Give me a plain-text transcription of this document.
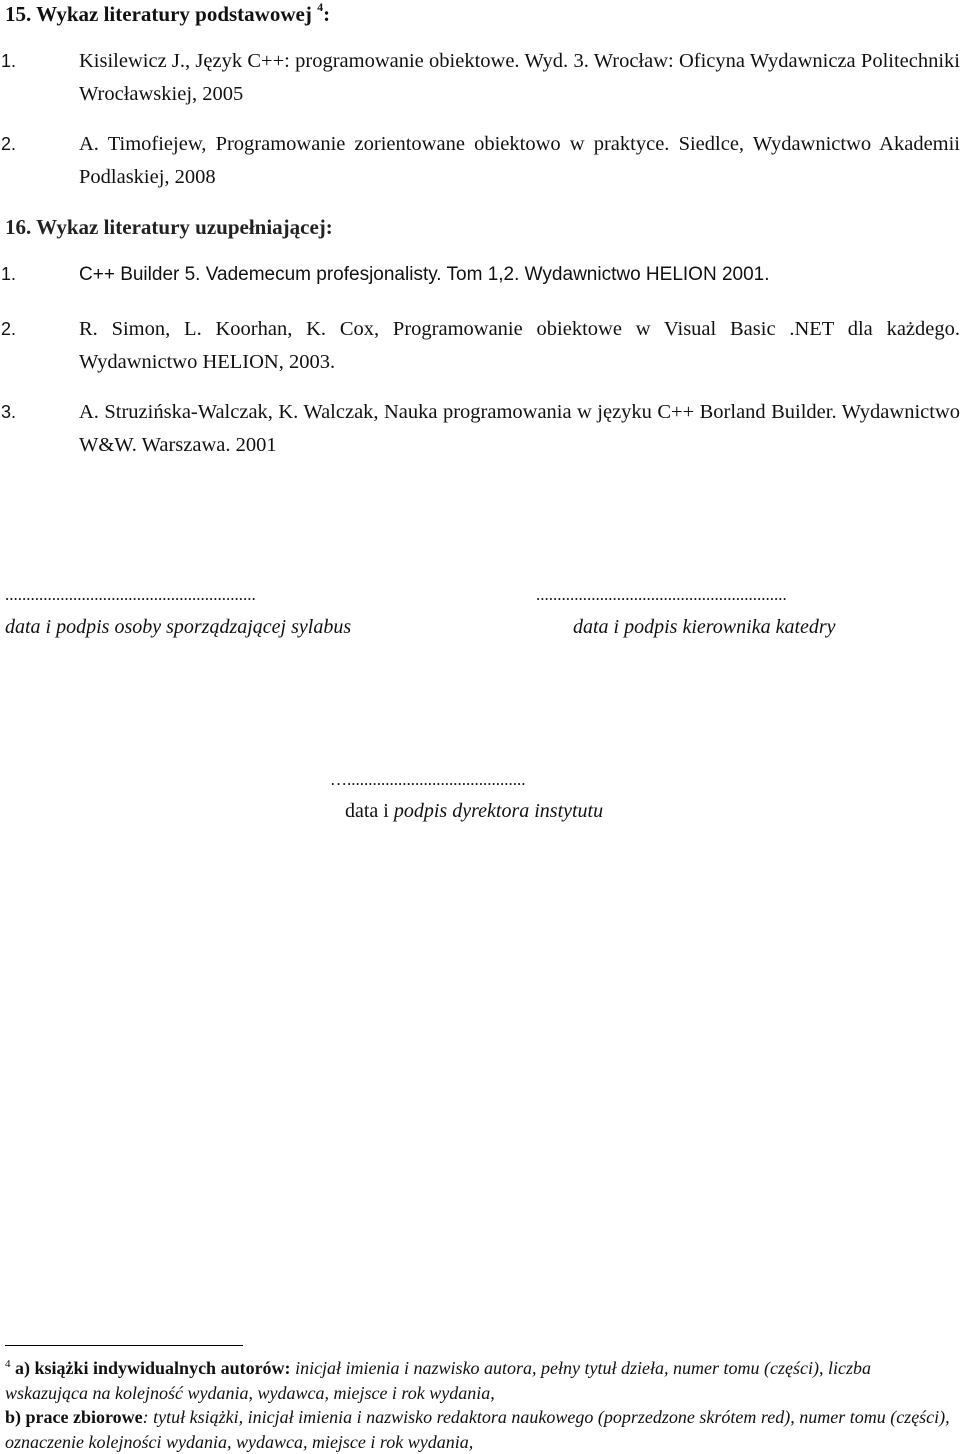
15. Wykaz literatury podstawowej $^4$:
1.	Kisilewicz J., Język C++: programowanie obiektowe. Wyd. 3. Wrocław: Oficyna Wydawnicza Politechniki Wrocławskiej, 2005
2.	A. Timofiejew, Programowanie zorientowane obiektowo w praktyce. Siedlce, Wydawnictwo Akademii Podlaskiej, 2008
16. Wykaz literatury uzupełniającej:
1.	C++ Builder 5. Vademecum profesjonalisty. Tom 1,2. Wydawnictwo HELION 2001.
2.	R. Simon, L. Koorhan, K. Cox, Programowanie obiektowe w Visual Basic .NET dla każdego. Wydawnictwo HELION, 2003.
3.	A. Struzińska-Walczak, K. Walczak, Nauka programowania w języku C++ Borland Builder. Wydawnictwo W&W. Warszawa. 2001
...........................................................	...........................................................
data i podpis osoby sporządzającej sylabus	data i podpis kierownika katedry
…..........................................
data i podpis dyrektora instytutu
$^4$ a) książki indywidualnych autorów: inicjał imienia i nazwisko autora, pełny tytuł dzieła, numer tomu (części), liczba wskazująca na kolejność wydania, wydawca, miejsce i rok wydania,
b) prace zbiorowe: tytuł książki, inicjał imienia i nazwisko redaktora naukowego (poprzedzone skrótem red), numer tomu (części), oznaczenie kolejności wydania, wydawca, miejsce i rok wydania,
